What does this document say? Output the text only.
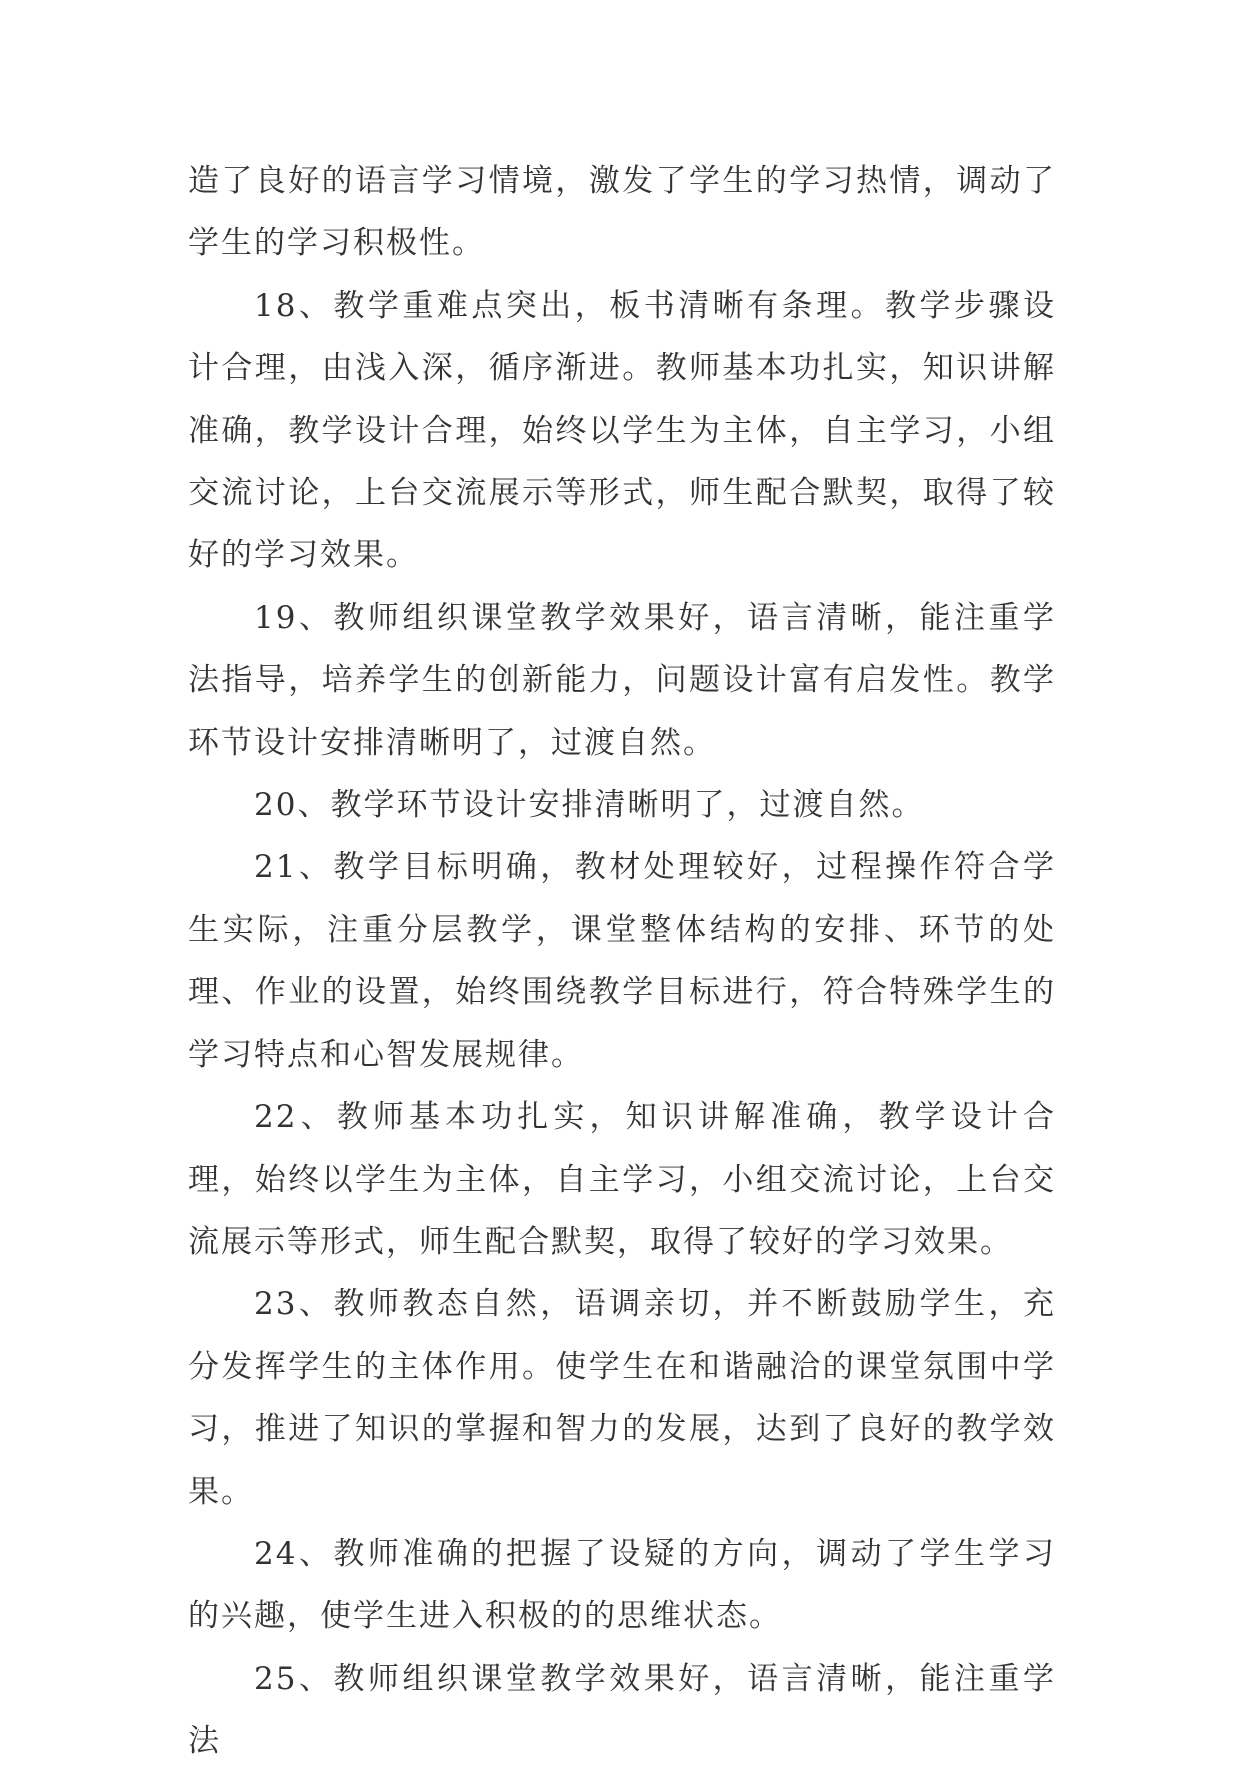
造了良好的语言学习情境，激发了学生的学习热情，调动了学生的学习积极性。

18、教学重难点突出，板书清晰有条理。教学步骤设计合理，由浅入深，循序渐进。教师基本功扎实，知识讲解准确，教学设计合理，始终以学生为主体，自主学习，小组交流讨论，上台交流展示等形式，师生配合默契，取得了较好的学习效果。

19、教师组织课堂教学效果好，语言清晰，能注重学法指导，培养学生的创新能力，问题设计富有启发性。教学环节设计安排清晰明了，过渡自然。

20、教学环节设计安排清晰明了，过渡自然。

21、教学目标明确，教材处理较好，过程操作符合学生实际，注重分层教学，课堂整体结构的安排、环节的处理、作业的设置，始终围绕教学目标进行，符合特殊学生的学习特点和心智发展规律。

22、教师基本功扎实，知识讲解准确，教学设计合理，始终以学生为主体，自主学习，小组交流讨论，上台交流展示等形式，师生配合默契，取得了较好的学习效果。

23、教师教态自然，语调亲切，并不断鼓励学生，充分发挥学生的主体作用。使学生在和谐融洽的课堂氛围中学习，推进了知识的掌握和智力的发展，达到了良好的教学效果。

24、教师准确的把握了设疑的方向，调动了学生学习的兴趣，使学生进入积极的的思维状态。

25、教师组织课堂教学效果好，语言清晰，能注重学法
